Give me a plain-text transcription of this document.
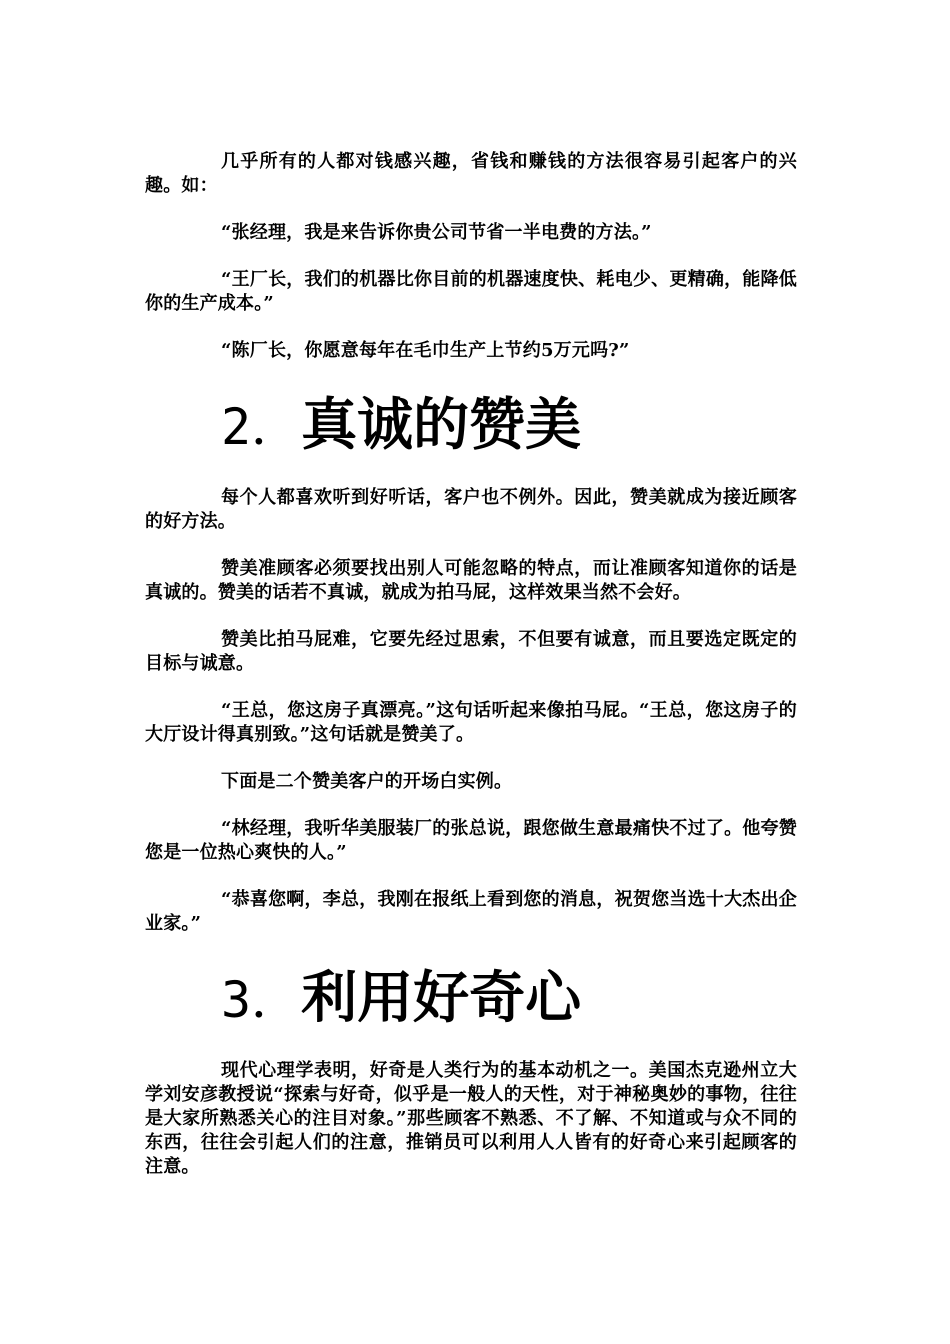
几乎所有的人都对钱感兴趣，省钱和赚钱的方法很容易引起客户的兴趣。如：

“张经理，我是来告诉你贵公司节省一半电费的方法。”

“王厂长，我们的机器比你目前的机器速度快、耗电少、更精确，能降低你的生产成本。”

“陈厂长，你愿意每年在毛巾生产上节约5万元吗?”

2．真诚的赞美

每个人都喜欢听到好听话，客户也不例外。因此，赞美就成为接近顾客的好方法。

赞美准顾客必须要找出别人可能忽略的特点，而让准顾客知道你的话是真诚的。赞美的话若不真诚，就成为拍马屁，这样效果当然不会好。

赞美比拍马屁难，它要先经过思索，不但要有诚意，而且要选定既定的目标与诚意。

“王总，您这房子真漂亮。”这句话听起来像拍马屁。“王总，您这房子的大厅设计得真别致。”这句话就是赞美了。

下面是二个赞美客户的开场白实例。

“林经理，我听华美服装厂的张总说，跟您做生意最痛快不过了。他夸赞您是一位热心爽快的人。”

“恭喜您啊，李总，我刚在报纸上看到您的消息，祝贺您当选十大杰出企业家。”

3．利用好奇心

现代心理学表明，好奇是人类行为的基本动机之一。美国杰克逊州立大学刘安彦教授说“探索与好奇，似乎是一般人的天性，对于神秘奥妙的事物，往往是大家所熟悉关心的注目对象。”那些顾客不熟悉、不了解、不知道或与众不同的东西，往往会引起人们的注意，推销员可以利用人人皆有的好奇心来引起顾客的注意。
